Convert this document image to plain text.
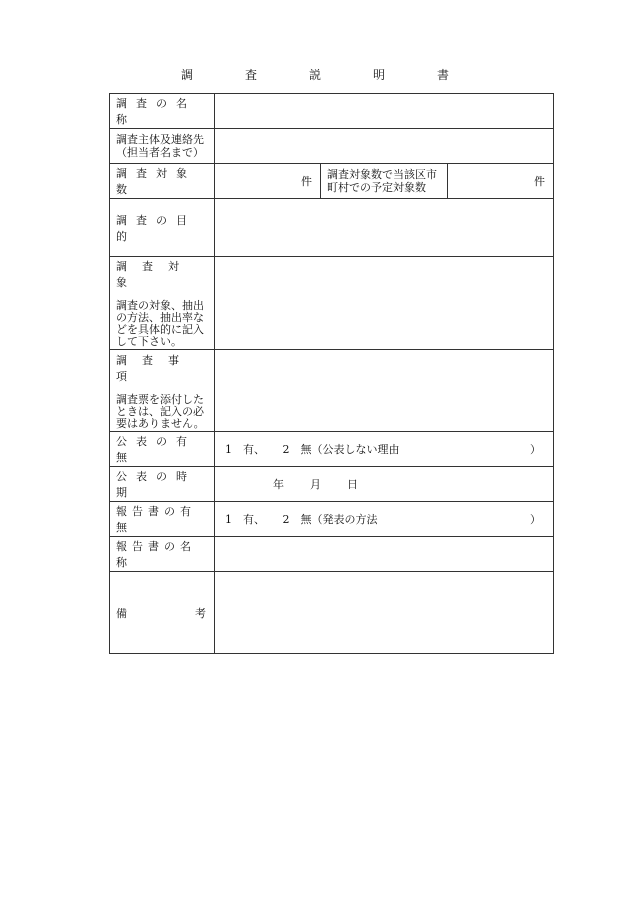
調　査　説　明　書
調査の名称			

調査主体及連絡先
（担当者名まで）			

調査対象数	件	調査対象数で当該区市
町村での予定対象数	件
調査の目的			

調査対象
調査の対象、抽出
の方法、抽出率な
どを具体的に記入
して下さい。			

調査事項
調査票を添付した
ときは、記入の必
要はありません。			

公表の有無	1　有、 2　無（公表しない理由 ）		

公表の時期	年 月 日		
報告書の有無	1　有、 2　無（発表の方法 ）		

報告書の名称			

備 考			
